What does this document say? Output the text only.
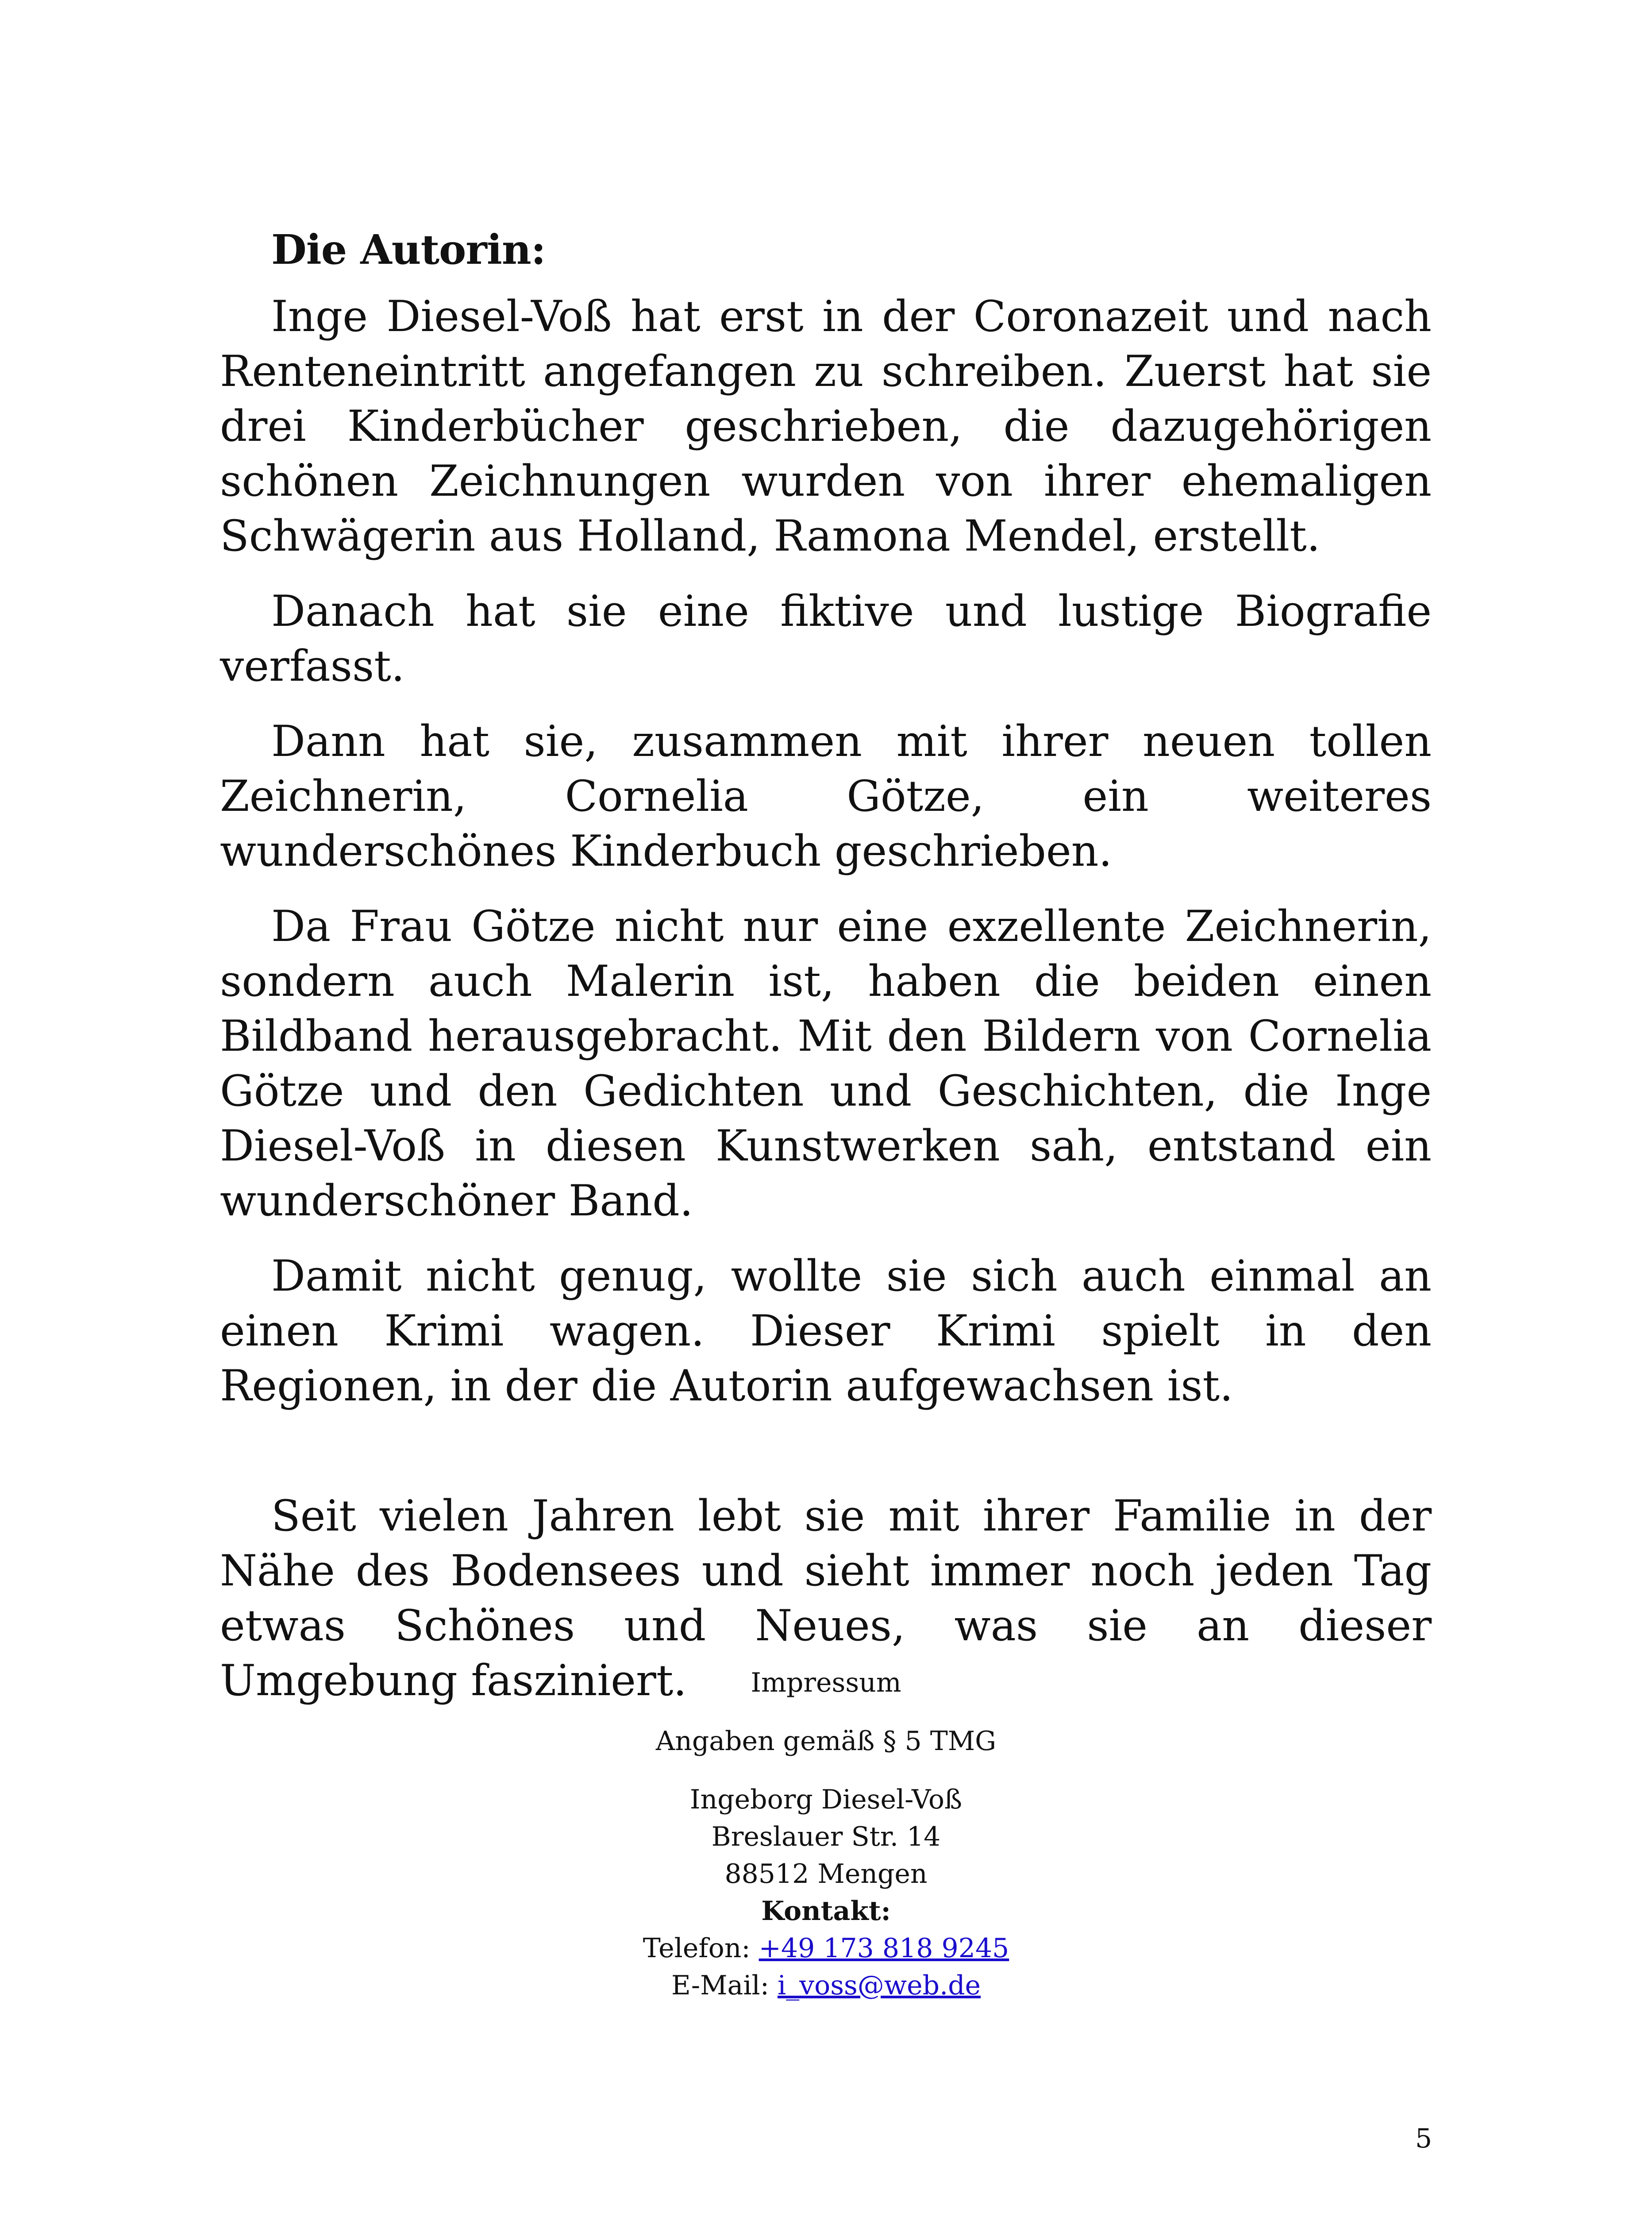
Die Autorin:

Inge Diesel-Voß hat erst in der Coronazeit und nach Renteneintritt angefangen zu schreiben. Zuerst hat sie drei Kinderbücher geschrieben, die dazugehörigen schönen Zeichnungen wurden von ihrer ehemaligen Schwägerin aus Holland, Ramona Mendel, erstellt.

Danach hat sie eine fiktive und lustige Biografie verfasst.

Dann hat sie, zusammen mit ihrer neuen tollen Zeichnerin, Cornelia Götze, ein weiteres wunderschönes Kinderbuch geschrieben.

Da Frau Götze nicht nur eine exzellente Zeichnerin, sondern auch Malerin ist, haben die beiden einen Bildband herausgebracht. Mit den Bildern von Cornelia Götze und den Gedichten und Geschichten, die Inge Diesel-Voß in diesen Kunstwerken sah, entstand ein wunderschöner Band.

Damit nicht genug, wollte sie sich auch einmal an einen Krimi wagen. Dieser Krimi spielt in den Regionen, in der die Autorin aufgewachsen ist.

Seit vielen Jahren lebt sie mit ihrer Familie in der Nähe des Bodensees und sieht immer noch jeden Tag etwas Schönes und Neues, was sie an dieser Umgebung fasziniert.	Impressum
Angaben gemäß § 5 TMG
Ingeborg Diesel-Voß
Breslauer Str. 14
88512 Mengen
Kontakt:
Telefon: +49 173 818 9245
E-Mail: i_voss@web.de
5
